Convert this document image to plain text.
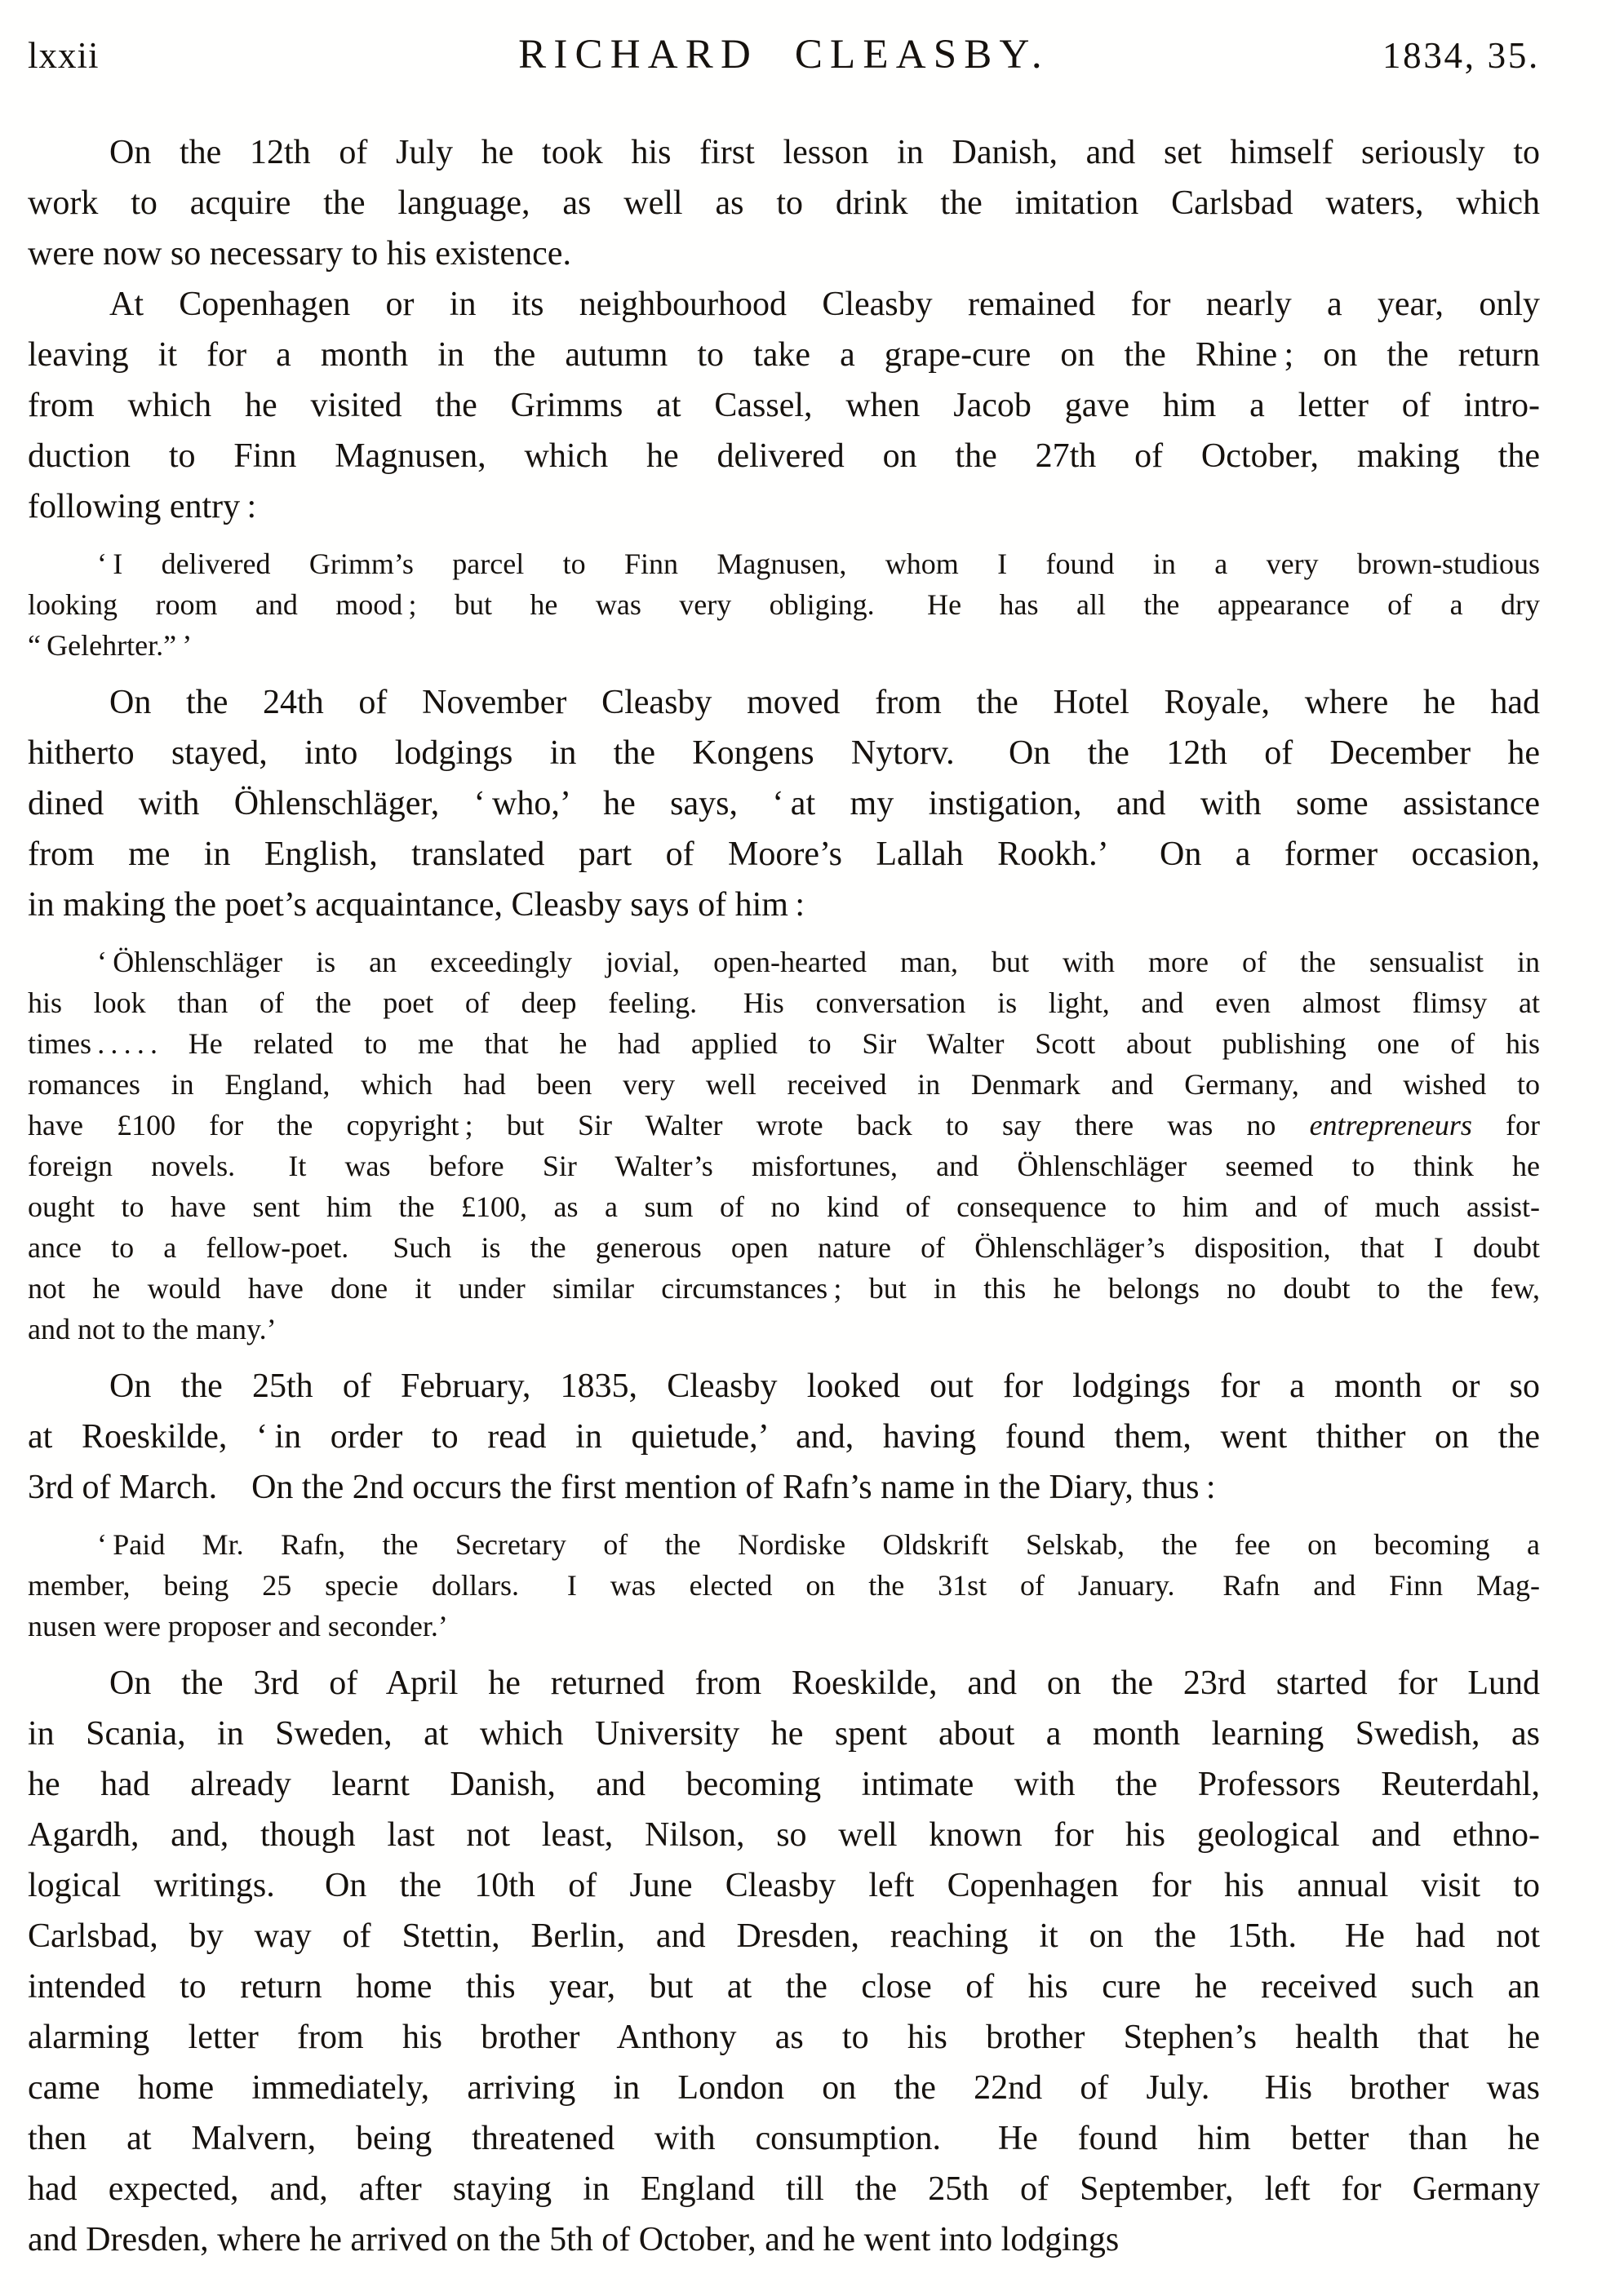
lxxii	RICHARD CLEASBY.	1834, 35.
On the 12th of July he took his first lesson in Danish, and set himself seriously to
work to acquire the language, as well as to drink the imitation Carlsbad waters, which
were now so necessary to his existence.
At Copenhagen or in its neighbourhood Cleasby remained for nearly a year, only
leaving it for a month in the autumn to take a grape-cure on the Rhine ; on the return
from which he visited the Grimms at Cassel, when Jacob gave him a letter of intro-
duction to Finn Magnusen, which he delivered on the 27th of October, making the
following entry :
‘ I delivered Grimm’s parcel to Finn Magnusen, whom I found in a very brown-studious
looking room and mood ; but he was very obliging.  He has all the appearance of a dry
“ Gelehrter.” ’
On the 24th of November Cleasby moved from the Hotel Royale, where he had
hitherto stayed, into lodgings in the Kongens Nytorv.  On the 12th of December he
dined with Öhlenschläger, ‘ who,’ he says, ‘ at my instigation, and with some assistance
from me in English, translated part of Moore’s Lallah Rookh.’  On a former occasion,
in making the poet’s acquaintance, Cleasby says of him :
‘ Öhlenschläger is an exceedingly jovial, open-hearted man, but with more of the sensualist in
his look than of the poet of deep feeling.  His conversation is light, and even almost flimsy at
times . . . . . He related to me that he had applied to Sir Walter Scott about publishing one of his
romances in England, which had been very well received in Denmark and Germany, and wished to
have £100 for the copyright ; but Sir Walter wrote back to say there was no entrepreneurs for
foreign novels.  It was before Sir Walter’s misfortunes, and Öhlenschläger seemed to think he
ought to have sent him the £100, as a sum of no kind of consequence to him and of much assist-
ance to a fellow-poet.  Such is the generous open nature of Öhlenschläger’s disposition, that I doubt
not he would have done it under similar circumstances ; but in this he belongs no doubt to the few,
and not to the many.’
On the 25th of February, 1835, Cleasby looked out for lodgings for a month or so
at Roeskilde, ‘ in order to read in quietude,’ and, having found them, went thither on the
3rd of March.  On the 2nd occurs the first mention of Rafn’s name in the Diary, thus :
‘ Paid Mr. Rafn, the Secretary of the Nordiske Oldskrift Selskab, the fee on becoming a
member, being 25 specie dollars.  I was elected on the 31st of January.  Rafn and Finn Mag-
nusen were proposer and seconder.’
On the 3rd of April he returned from Roeskilde, and on the 23rd started for Lund
in Scania, in Sweden, at which University he spent about a month learning Swedish, as
he had already learnt Danish, and becoming intimate with the Professors Reuterdahl,
Agardh, and, though last not least, Nilson, so well known for his geological and ethno-
logical writings.  On the 10th of June Cleasby left Copenhagen for his annual visit to
Carlsbad, by way of Stettin, Berlin, and Dresden, reaching it on the 15th.  He had not
intended to return home this year, but at the close of his cure he received such an
alarming letter from his brother Anthony as to his brother Stephen’s health that he
came home immediately, arriving in London on the 22nd of July.  His brother was
then at Malvern, being threatened with consumption.  He found him better than he
had expected, and, after staying in England till the 25th of September, left for Germany
and Dresden, where he arrived on the 5th of October, and he went into lodgings
